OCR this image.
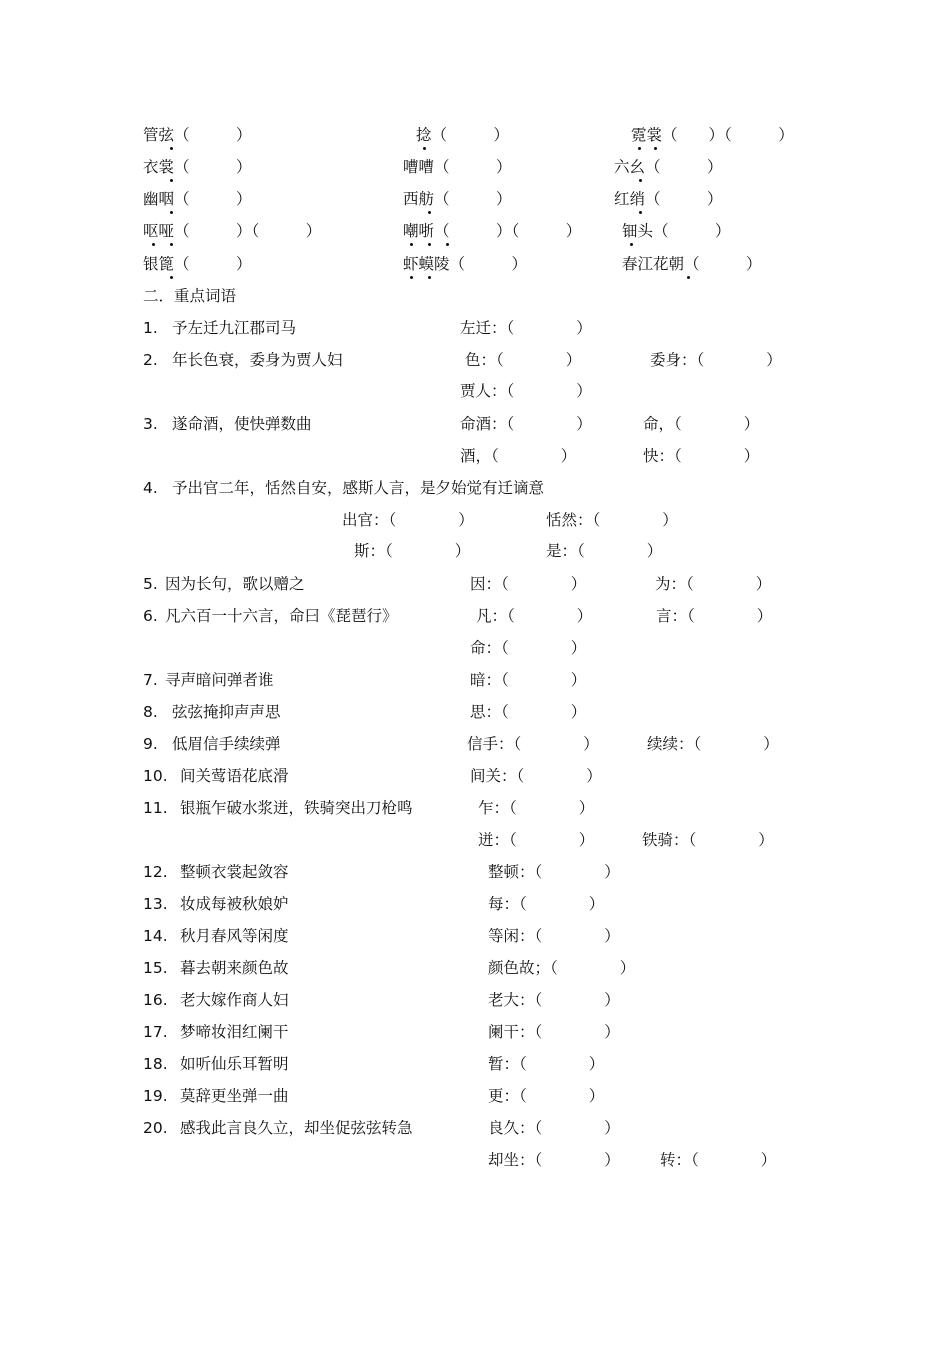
管弦（　　　）	捻（　　　）	霓裳（　　）（　　　）
衣裳（　　　）	嘈嘈（　　　）	六幺（　　　）
幽咽（　　　）	西舫（　　　）	红绡（　　　）
呕哑（　　　）（　　　）	嘲哳（　　　）（　　　）	钿头（　　　）
银篦（　　　）	虾蟆陵（　　　）	春江花朝（　　　）
二．重点词语
1. 予左迁九江郡司马	左迁：（　　　　）
2. 年长色衰，委身为贾人妇	色：（　　　　）	委身：（　　　　）
贾人：（　　　　）
3. 遂命酒，使快弹数曲	命酒：（　　　　）	命，（　　　　）
酒，（　　　　）	快：（　　　　）
4. 予出官二年，恬然自安，感斯人言，是夕始觉有迁谪意
出官：（　　　　）	恬然：（　　　　）
斯：（　　　　）	是：（　　　　）
5. 因为长句，歌以赠之	因：（　　　　）	为：（　　　　）
6. 凡六百一十六言，命曰《琵琶行》	凡：（　　　　）	言：（　　　　）
命：（　　　　）
7. 寻声暗问弹者谁	暗：（　　　　）
8. 弦弦掩抑声声思	思：（　　　　）
9. 低眉信手续续弹	信手：（　　　　）	续续：（　　　　）
10. 间关莺语花底滑	间关：（　　　　）
11. 银瓶乍破水浆迸，铁骑突出刀枪鸣	乍：（　　　　）
迸：（　　　　）	铁骑：（　　　　）
12. 整顿衣裳起敛容	整顿：（　　　　）
13. 妆成每被秋娘妒	每：（　　　　）
14. 秋月春风等闲度	等闲：（　　　　）
15. 暮去朝来颜色故	颜色故；（　　　　）
16. 老大嫁作商人妇	老大：（　　　　）
17. 梦啼妆泪红阑干	阑干：（　　　　）
18. 如听仙乐耳暂明	暂：（　　　　）
19. 莫辞更坐弹一曲	更：（　　　　）
20. 感我此言良久立，却坐促弦弦转急	良久：（　　　　）
却坐：（　　　　）	转：（　　　　）
